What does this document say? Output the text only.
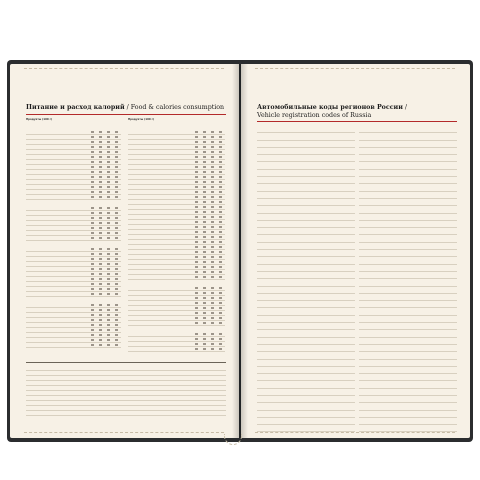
Питание и расход калорий / Food & calories consumption
Продукты (100 г)	Продукты (100 г)
Автомобильные коды регионов России /
Vehicle registration codes of Russia
